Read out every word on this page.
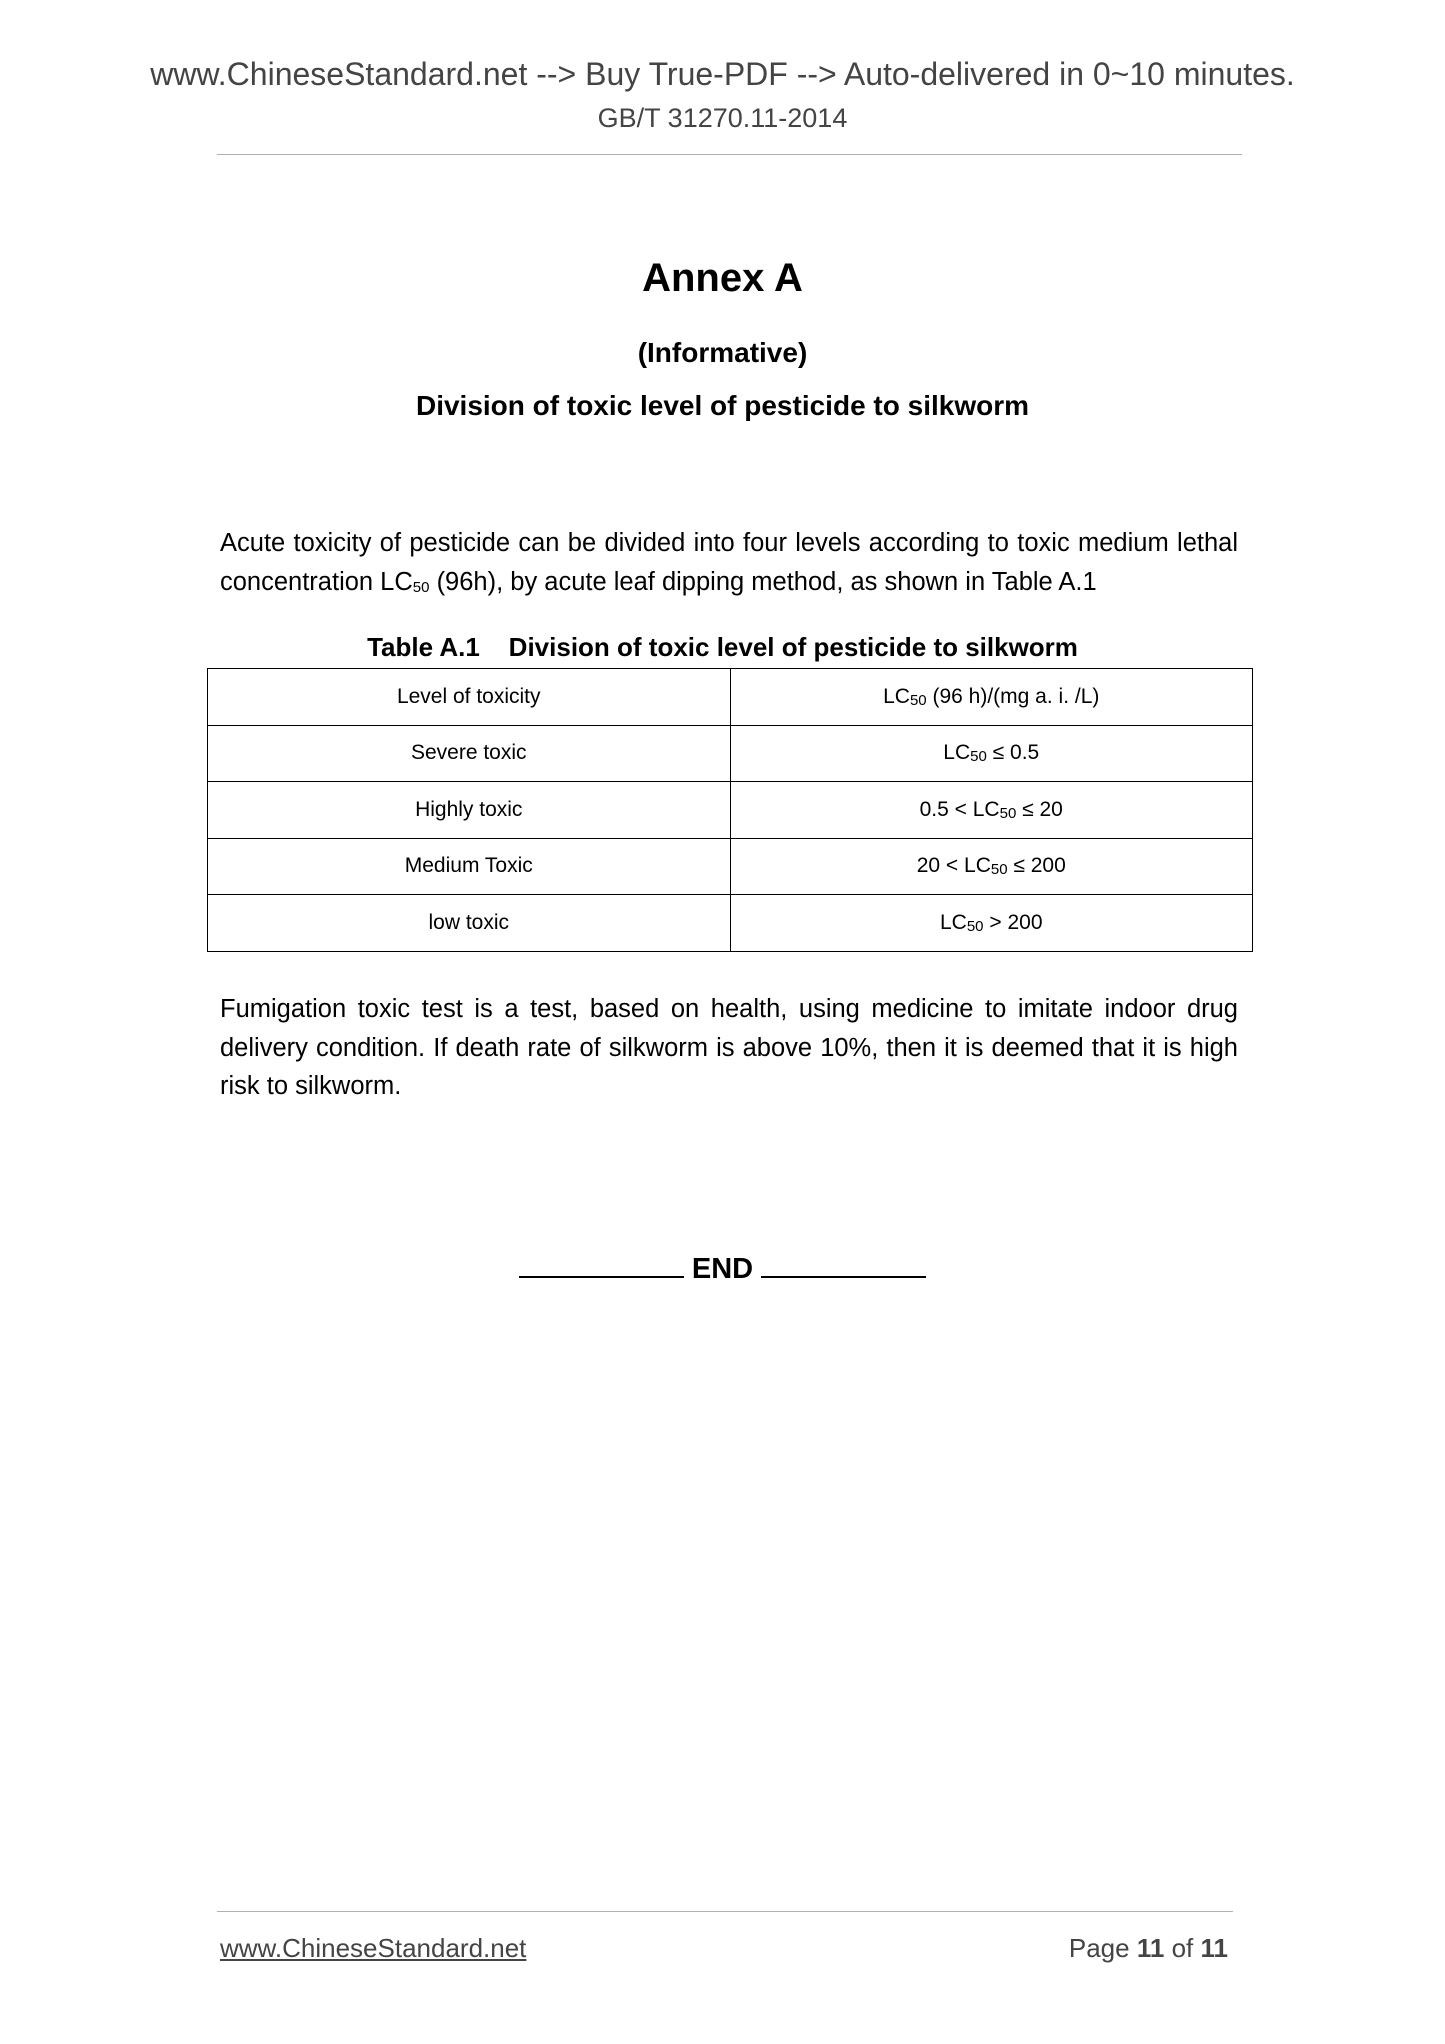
www.ChineseStandard.net --> Buy True-PDF --> Auto-delivered in 0~10 minutes.
GB/T 31270.11-2014
Annex A
(Informative)
Division of toxic level of pesticide to silkworm
Acute toxicity of pesticide can be divided into four levels according to toxic medium lethal concentration $LC_{50}$ (96h), by acute leaf dipping method, as shown in Table A.1
Table A.1    Division of toxic level of pesticide to silkworm
Level of toxicity	$LC_{50}$ (96 h)/(mg a. i. /L)
Severe toxic	$LC_{50} \le 0.5$
Highly toxic	$0.5 < LC_{50} \le 20$
Medium Toxic	$20 < LC_{50} \le 200$
low toxic	$LC_{50} > 200$
Fumigation toxic test is a test, based on health, using medicine to imitate indoor drug delivery condition. If death rate of silkworm is above 10%, then it is deemed that it is high risk to silkworm.
END
www.ChineseStandard.net	Page 11 of 11
